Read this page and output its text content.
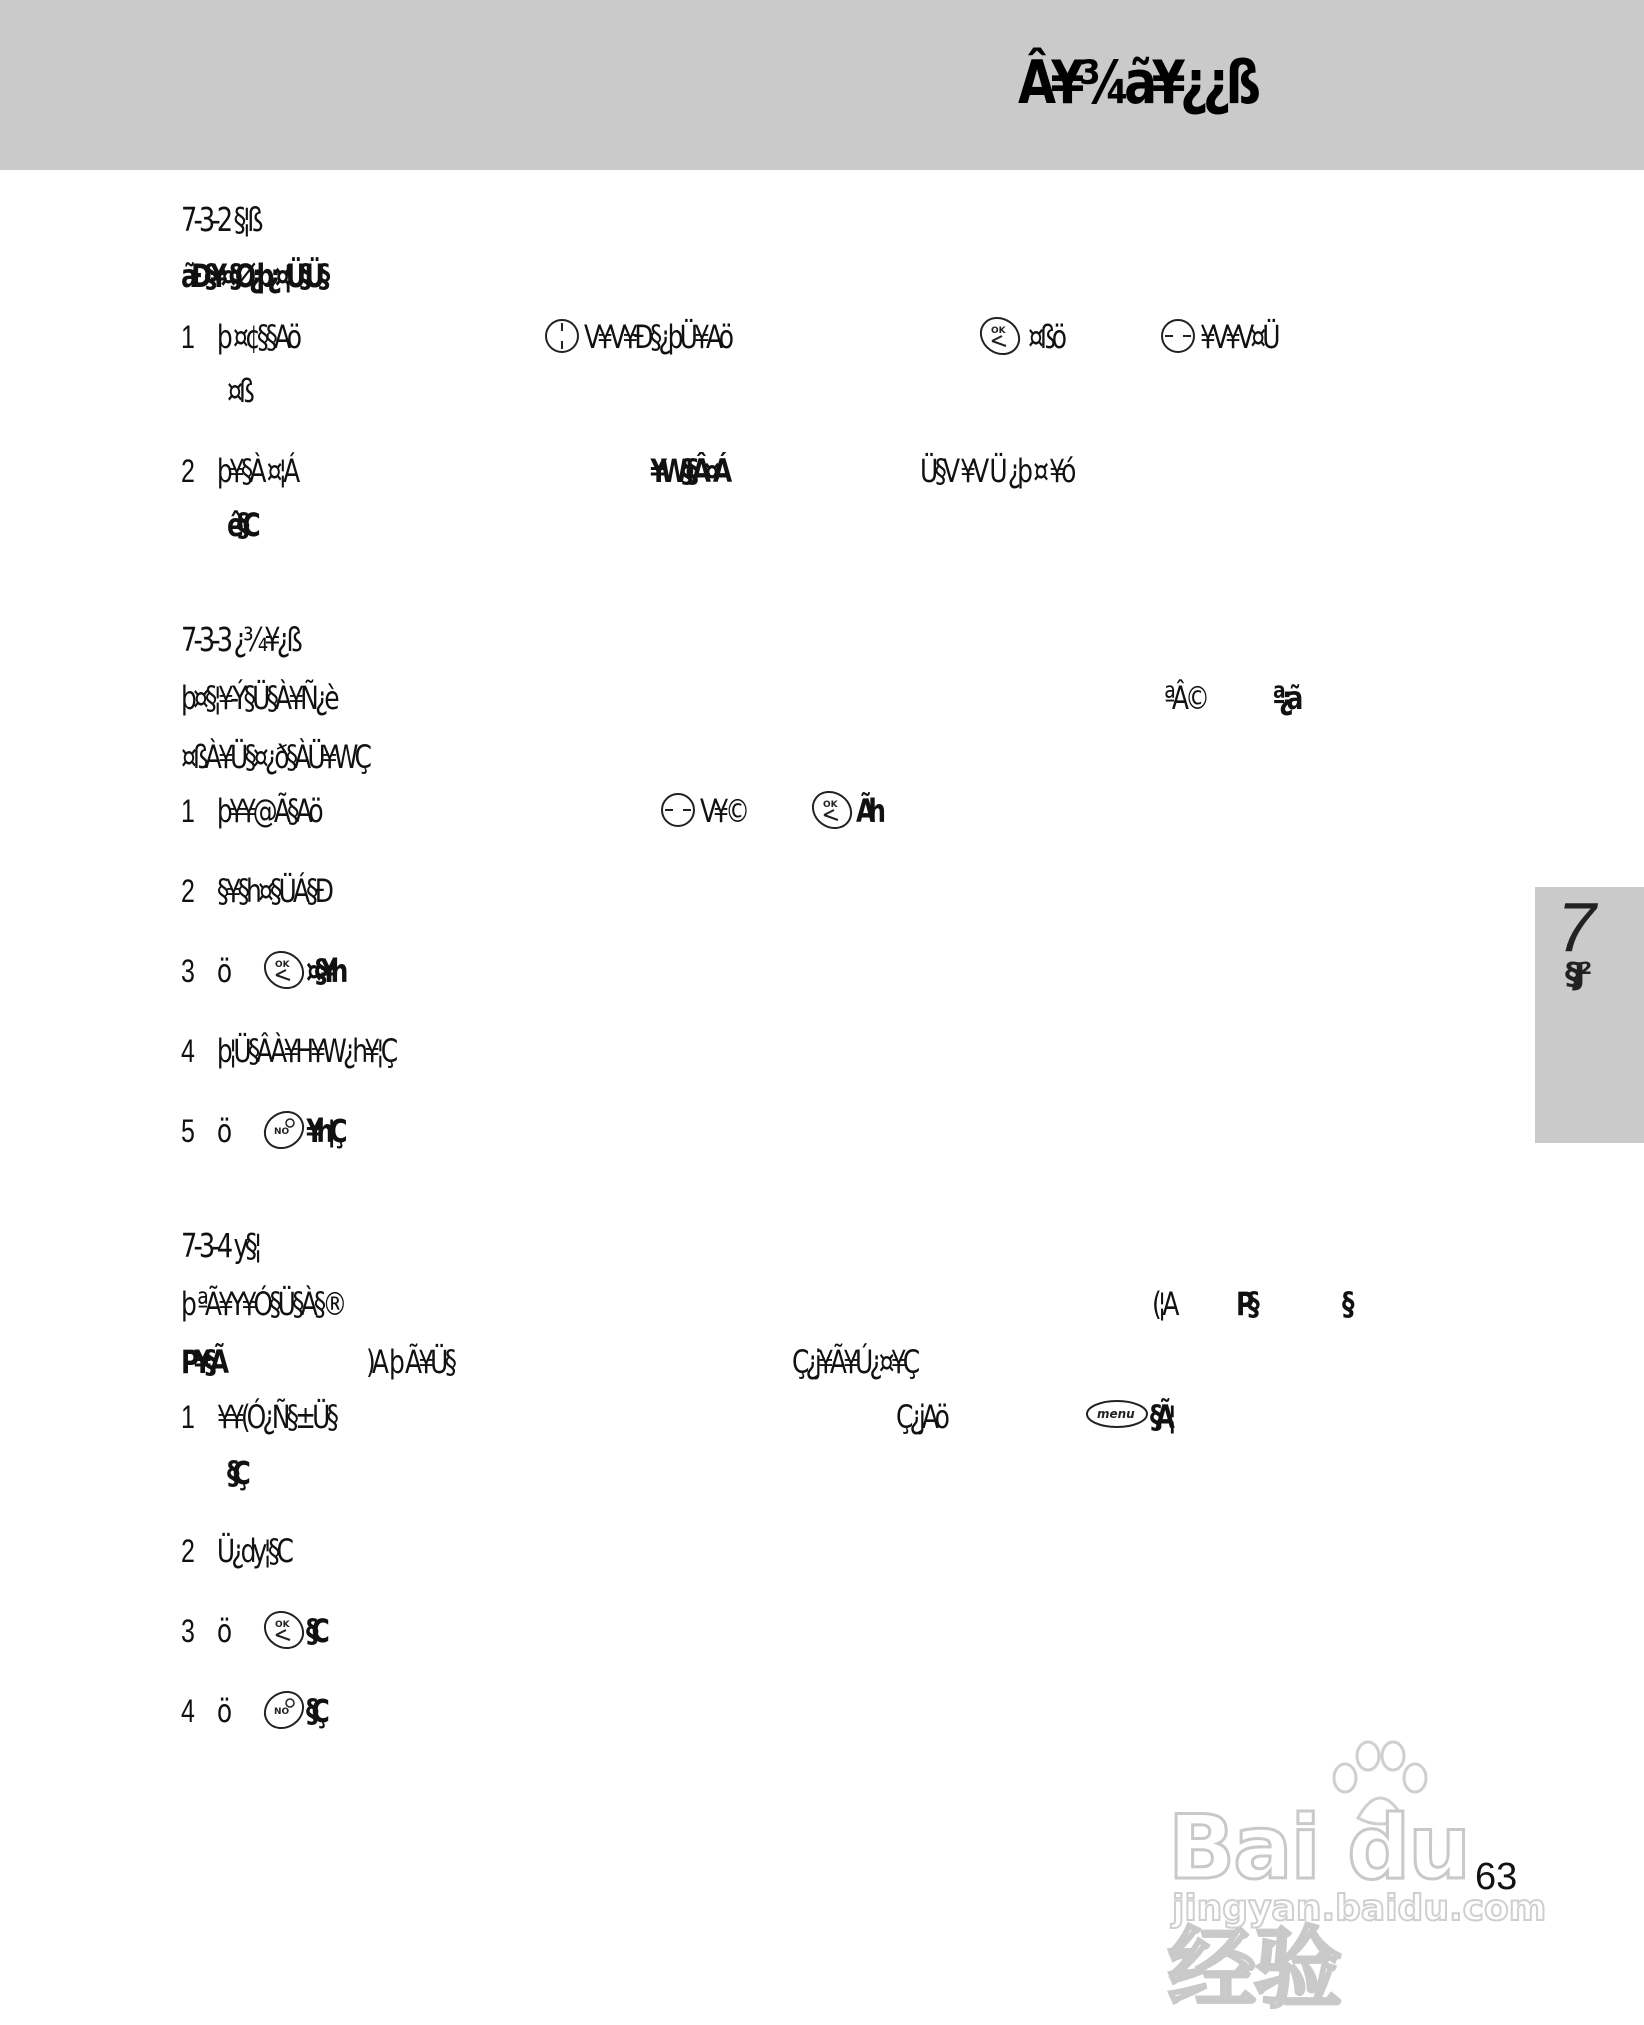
Â¥¾ã¥¿¿ß
7
§J²
7-3-2 §¦ß
ãÐ§¥¤§Ø¿þ¿¤¦Ü§Ü§
1 þ ¤¢§§Aö	V¥V¥Ð§¿þÜ¥Aö	OK ¤ßö	¥V¥V¤Ü
¤ß
2 þ¥§À ¤¦Á	¥W§§Â¤Á	Ü§V ¥V Ü ¿þ ¤ ¥ó
ê§C
7-3-3 ¿¾¥¿ß
þ¤§¦¥-Ý§Ü§À¥Ñ¿è	ªÂ© ª¿ã
¤ßÀ¥Ü§¤¿ð§ÀÜ¥WÇ
1 þ¥¥@Ã§Aö	V¥©	OK Ãh
2 §¥§h¤§ÜÁ§Ð
3 ö	OK ¤§¥h
4 þ¦Ü§ÂÀ¥H¥W¿h¥¦Ç
5 ö	NO ¥h¦Ç
7-3-4 y§¦
þ ªÃ¥Y¥Ó§Ü§À§®	(¦A P§	§
P ¥§Ã	)A þ Ã¥Ü§	Ç¿j¥Ã¥Ú¿¤¥Ç
1 ¥¥(Ó¿Ñ§±Ü§	Ç¿jAö	menu §Ã¦
§Ç
2 Ü¿dy¦§C
3 ö	OK §C
4 ö	NO §Ç
Bai du 经验
jingyan.baidu.com
63
